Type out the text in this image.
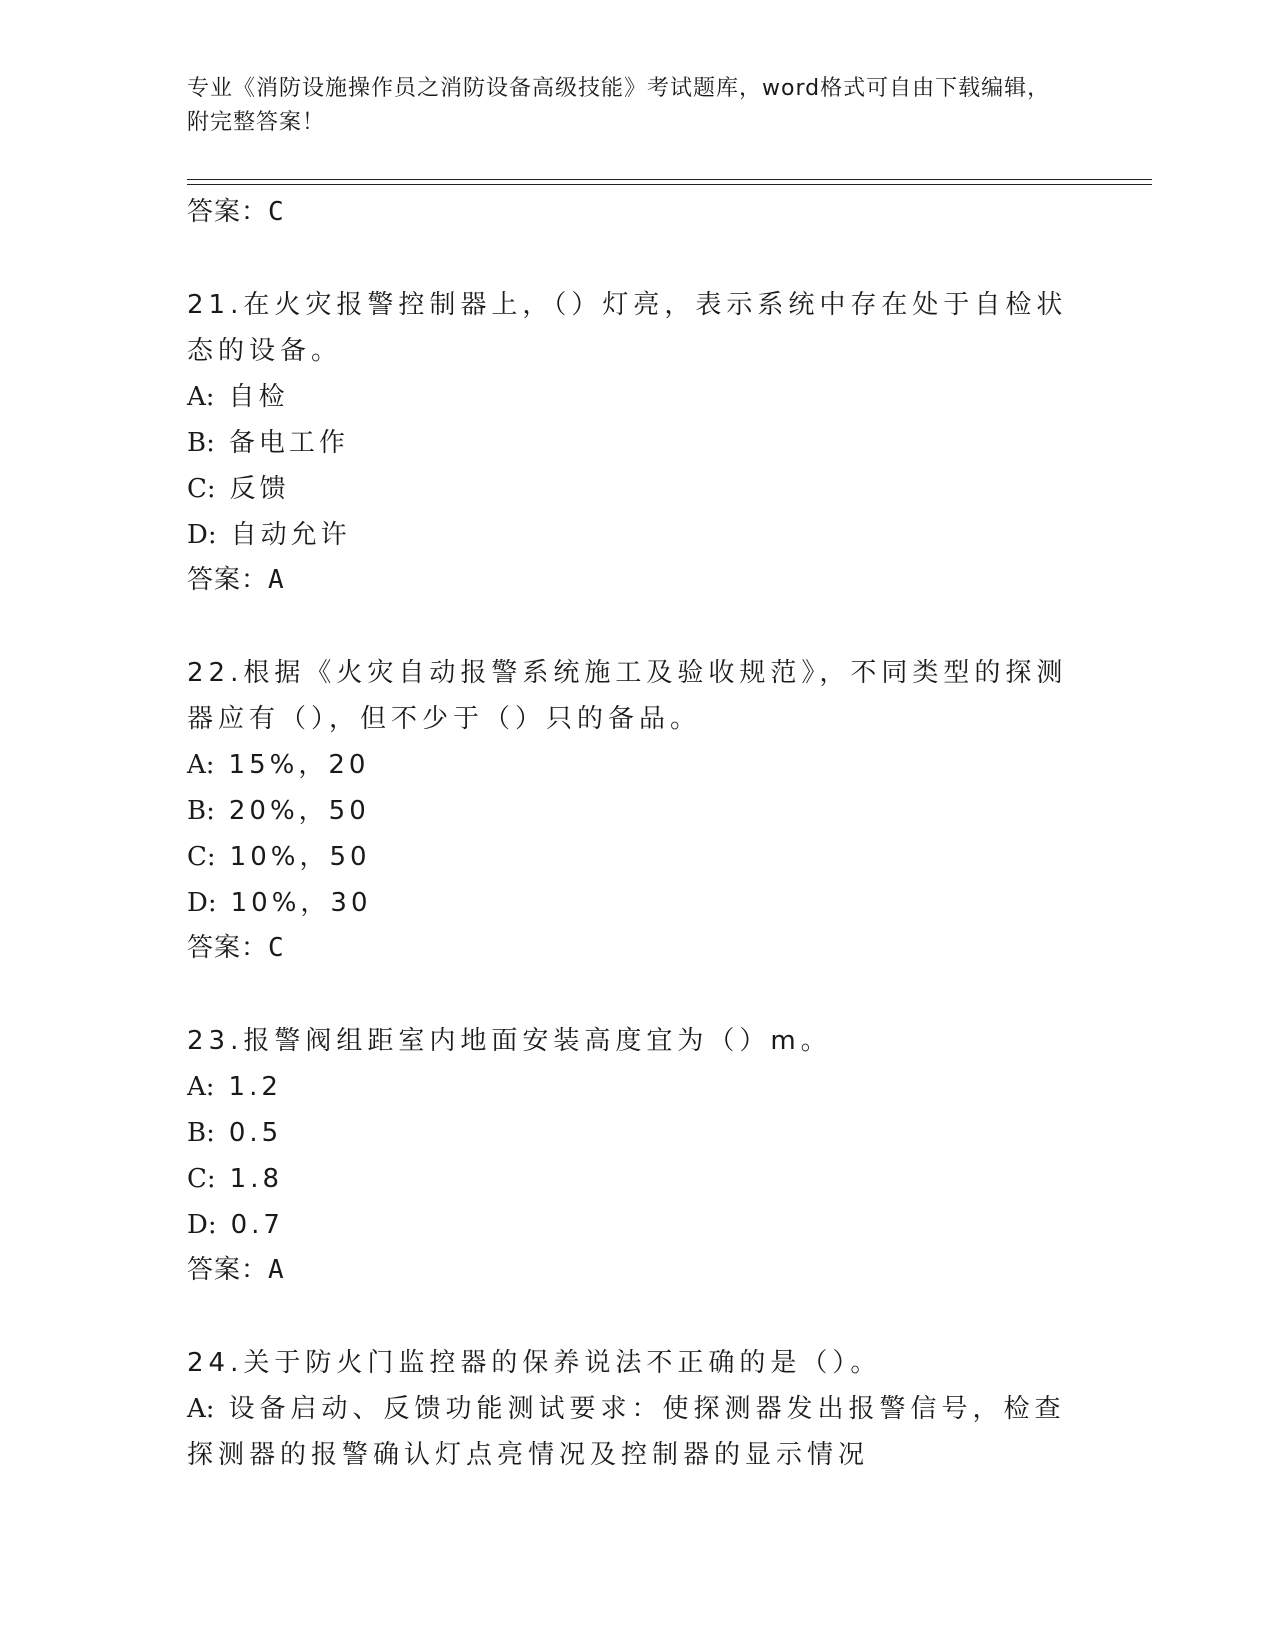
专业《消防设施操作员之消防设备高级技能》考试题库，word格式可自由下载编辑，附完整答案！
答案：C
21.在火灾报警控制器上，（）灯亮，表示系统中存在处于自检状态的设备。
A: 自检
B: 备电工作
C: 反馈
D: 自动允许
答案：A
22.根据《火灾自动报警系统施工及验收规范》，不同类型的探测器应有（），但不少于（）只的备品。
A: 15%，20
B: 20%，50
C: 10%，50
D: 10%，30
答案：C
23.报警阀组距室内地面安装高度宜为（）m。
A: 1.2
B: 0.5
C: 1.8
D: 0.7
答案：A
24.关于防火门监控器的保养说法不正确的是（）。
A: 设备启动、反馈功能测试要求：使探测器发出报警信号，检查探测器的报警确认灯点亮情况及控制器的显示情况
